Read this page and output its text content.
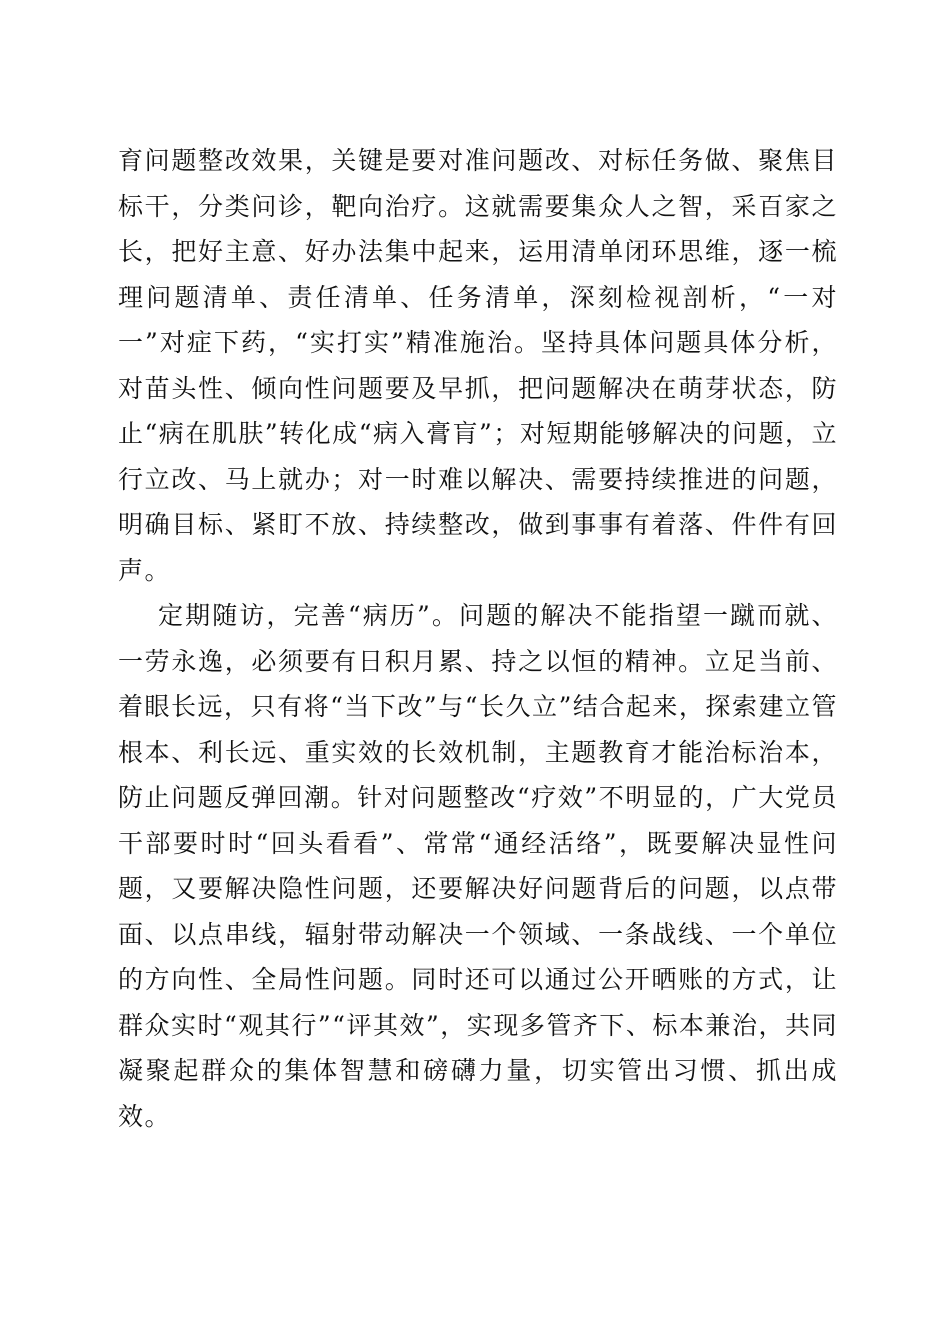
育问题整改效果，关键是要对准问题改、对标任务做、聚焦目标干，分类问诊，靶向治疗。这就需要集众人之智，采百家之长，把好主意、好办法集中起来，运用清单闭环思维，逐一梳理问题清单、责任清单、任务清单，深刻检视剖析，“一对一”对症下药，“实打实”精准施治。坚持具体问题具体分析，对苗头性、倾向性问题要及早抓，把问题解决在萌芽状态，防止“病在肌肤”转化成“病入膏肓”；对短期能够解决的问题，立行立改、马上就办；对一时难以解决、需要持续推进的问题，明确目标、紧盯不放、持续整改，做到事事有着落、件件有回声。

定期随访，完善“病历”。问题的解决不能指望一蹴而就、一劳永逸，必须要有日积月累、持之以恒的精神。立足当前、着眼长远，只有将“当下改”与“长久立”结合起来，探索建立管根本、利长远、重实效的长效机制，主题教育才能治标治本，防止问题反弹回潮。针对问题整改“疗效”不明显的，广大党员干部要时时“回头看看”、常常“通经活络”，既要解决显性问题，又要解决隐性问题，还要解决好问题背后的问题，以点带面、以点串线，辐射带动解决一个领域、一条战线、一个单位的方向性、全局性问题。同时还可以通过公开晒账的方式，让群众实时“观其行”“评其效”，实现多管齐下、标本兼治，共同凝聚起群众的集体智慧和磅礴力量，切实管出习惯、抓出成效。
